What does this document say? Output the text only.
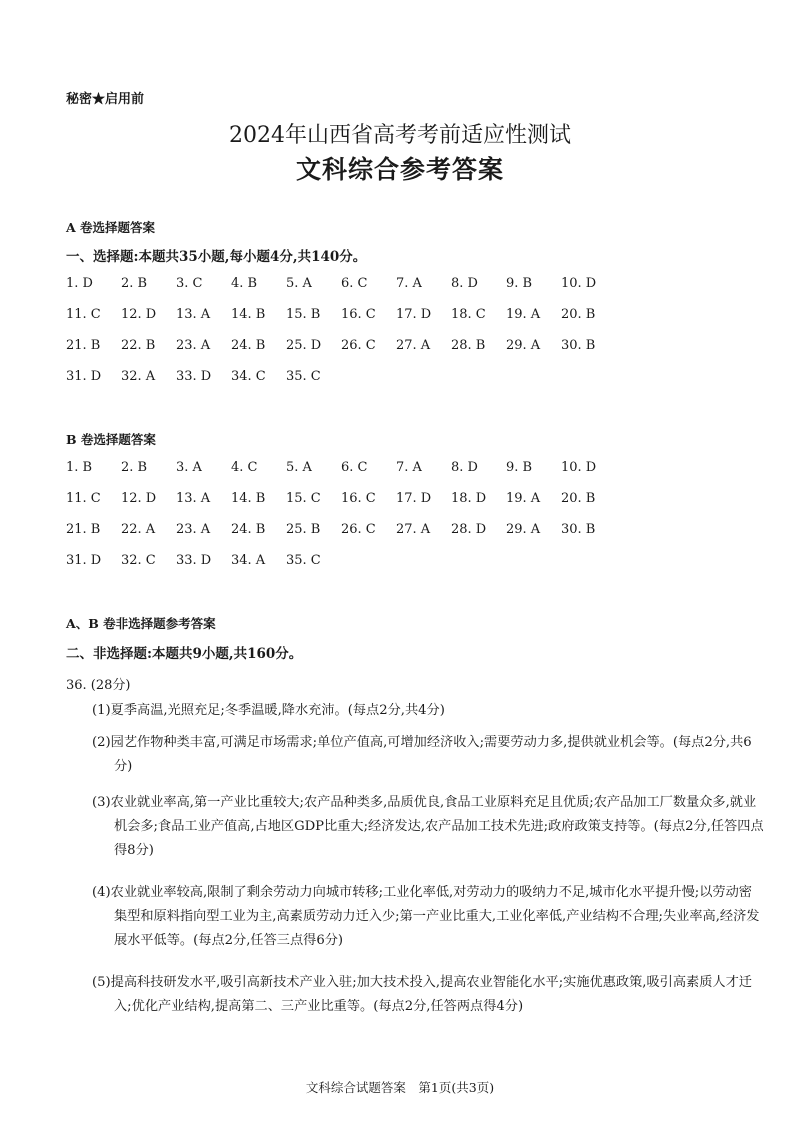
秘密★启用前
2024年山西省高考考前适应性测试
文科综合参考答案
A 卷选择题答案
一、选择题:本题共35小题,每小题4分,共140分。
1. D	2. B	3. C	4. B	5. A	6. C	7. A	8. D	9. B	10. D
11. C	12. D	13. A	14. B	15. B	16. C	17. D	18. C	19. A	20. B
21. B	22. B	23. A	24. B	25. D	26. C	27. A	28. B	29. A	30. B
31. D	32. A	33. D	34. C	35. C
B 卷选择题答案
1. B	2. B	3. A	4. C	5. A	6. C	7. A	8. D	9. B	10. D
11. C	12. D	13. A	14. B	15. C	16. C	17. D	18. D	19. A	20. B
21. B	22. A	23. A	24. B	25. B	26. C	27. A	28. D	29. A	30. B
31. D	32. C	33. D	34. A	35. C
A、B 卷非选择题参考答案
二、非选择题:本题共9小题,共160分。
36. (28分)
(1)夏季高温,光照充足;冬季温暖,降水充沛。(每点2分,共4分)
(2)园艺作物种类丰富,可满足市场需求;单位产值高,可增加经济收入;需要劳动力多,提供就业机会等。(每点2分,共6分)
(3)农业就业率高,第一产业比重较大;农产品种类多,品质优良,食品工业原料充足且优质;农产品加工厂数量众多,就业机会多;食品工业产值高,占地区GDP比重大;经济发达,农产品加工技术先进;政府政策支持等。(每点2分,任答四点得8分)
(4)农业就业率较高,限制了剩余劳动力向城市转移;工业化率低,对劳动力的吸纳力不足,城市化水平提升慢;以劳动密集型和原料指向型工业为主,高素质劳动力迁入少;第一产业比重大,工业化率低,产业结构不合理;失业率高,经济发展水平低等。(每点2分,任答三点得6分)
(5)提高科技研发水平,吸引高新技术产业入驻;加大技术投入,提高农业智能化水平;实施优惠政策,吸引高素质人才迁入;优化产业结构,提高第二、三产业比重等。(每点2分,任答两点得4分)
文科综合试题答案　第1页(共3页)
